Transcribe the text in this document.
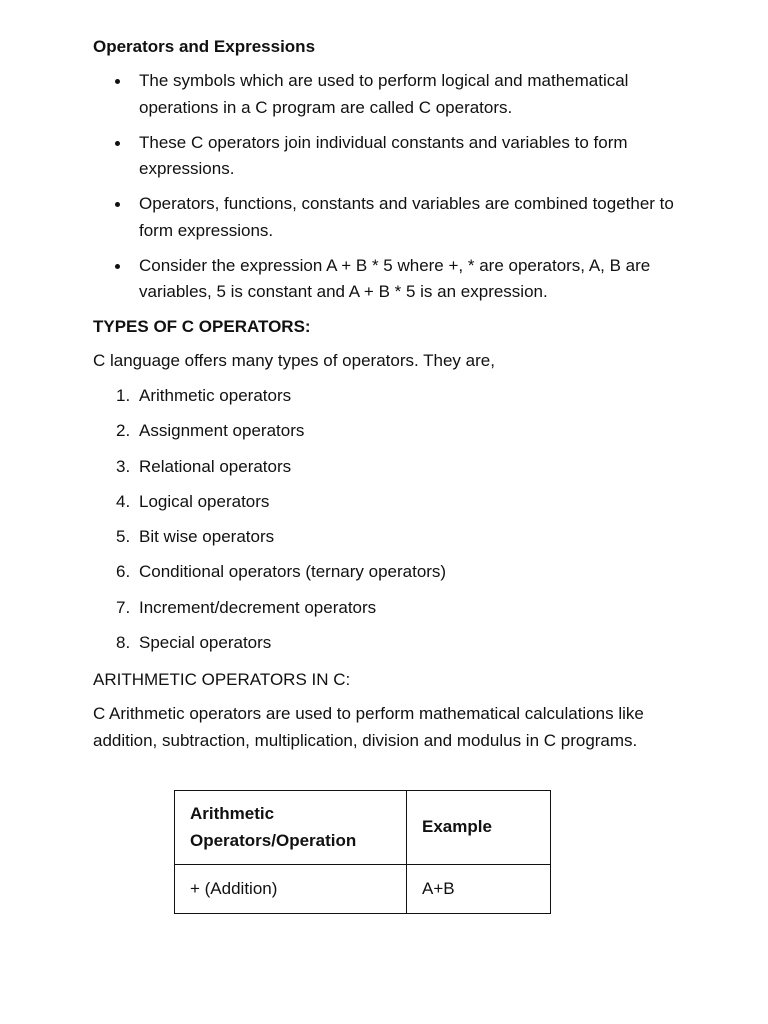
Operators and Expressions

The symbols which are used to perform logical and mathematical operations in a C program are called C operators.
These C operators join individual constants and variables to form expressions.
Operators, functions, constants and variables are combined together to form expressions.
Consider the expression A + B * 5 where +, * are operators, A, B are variables, 5 is constant and A + B * 5 is an expression.

TYPES OF C OPERATORS:

C language offers many types of operators. They are,

1. Arithmetic operators
2. Assignment operators
3. Relational operators
4. Logical operators
5. Bit wise operators
6. Conditional operators (ternary operators)
7. Increment/decrement operators
8. Special operators

ARITHMETIC OPERATORS IN C:

C Arithmetic operators are used to perform mathematical calculations like addition, subtraction, multiplication, division and modulus in C programs.

Arithmetic Operators/Operation	Example
+ (Addition)	A+B
